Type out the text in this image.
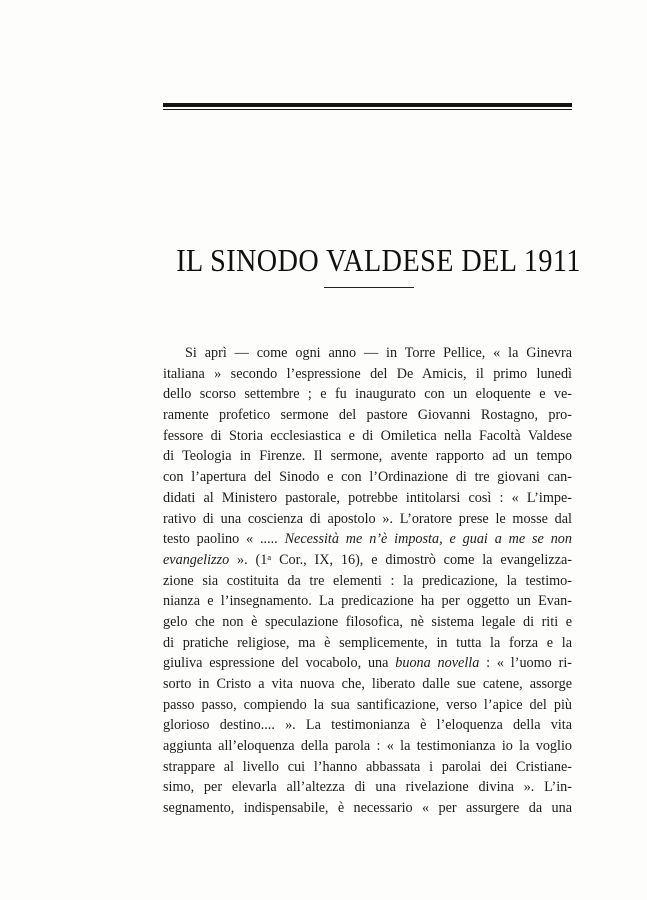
IL SINODO VALDESE DEL 1911
Si aprì — come ogni anno — in Torre Pellice, « la Ginevra
italiana » secondo l’espressione del De Amicis, il primo lunedì
dello scorso settembre ; e fu inaugurato con un eloquente e ve-
ramente profetico sermone del pastore Giovanni Rostagno, pro-
fessore di Storia ecclesiastica e di Omiletica nella Facoltà Valdese
di Teologia in Firenze. Il sermone, avente rapporto ad un tempo
con l’apertura del Sinodo e con l’Ordinazione di tre giovani can-
didati al Ministero pastorale, potrebbe intitolarsi così : « L’impe-
rativo di una coscienza di apostolo ». L’oratore prese le mosse dal
testo paolino « ..... Necessità me n’è imposta, e guai a me se non
evangelizzo ». (1ᵃ Cor., IX, 16), e dimostrò come la evangelizza-
zione sia costituita da tre elementi : la predicazione, la testimo-
nianza e l’insegnamento. La predicazione ha per oggetto un Evan-
gelo che non è speculazione filosofica, nè sistema legale di riti e
di pratiche religiose, ma è semplicemente, in tutta la forza e la
giuliva espressione del vocabolo, una buona novella : « l’uomo ri-
sorto in Cristo a vita nuova che, liberato dalle sue catene, assorge
passo passo, compiendo la sua santificazione, verso l’apice del più
glorioso destino.... ». La testimonianza è l’eloquenza della vita
aggiunta all’eloquenza della parola : « la testimonianza io la voglio
strappare al livello cui l’hanno abbassata i parolai dei Cristiane-
simo, per elevarla all’altezza di una rivelazione divina ». L’in-
segnamento, indispensabile, è necessario « per assurgere da una
